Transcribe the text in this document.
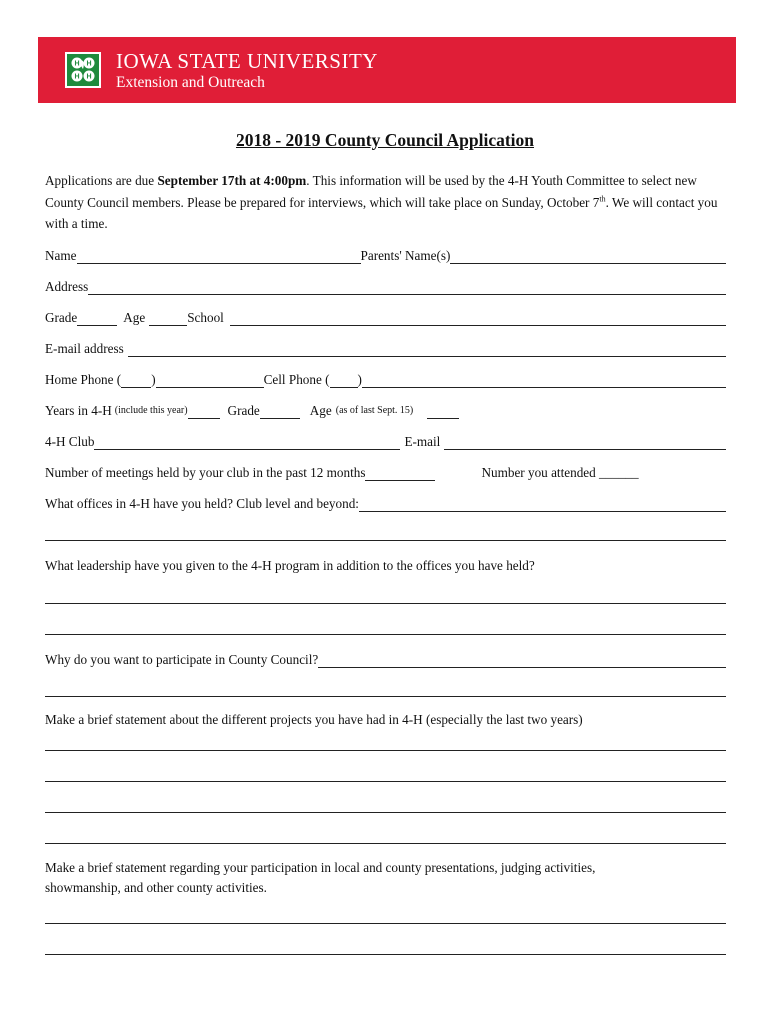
H H
H H
IOWA STATE UNIVERSITY
Extension and Outreach
2018 - 2019 County Council Application
Applications are due September 17th at 4:00pm. This information will be used by the 4-H Youth Committee to select new County Council members. Please be prepared for interviews, which will take place on Sunday, October 7th. We will contact you with a time.
Name	Parents' Name(s)
Address
Grade	Age	School
E-mail address
Home Phone ( )	Cell Phone ( )
Years in 4-H (include this year)	Grade	Age (as of last Sept. 15)
4-H Club	E-mail
Number of meetings held by your club in the past 12 months	Number you attended ______
What offices in 4-H have you held? Club level and beyond:
What leadership have you given to the 4-H program in addition to the offices you have held?
Why do you want to participate in County Council?
Make a brief statement about the different projects you have had in 4-H (especially the last two years)
Make a brief statement regarding your participation in local and county presentations, judging activities, showmanship, and other county activities.
